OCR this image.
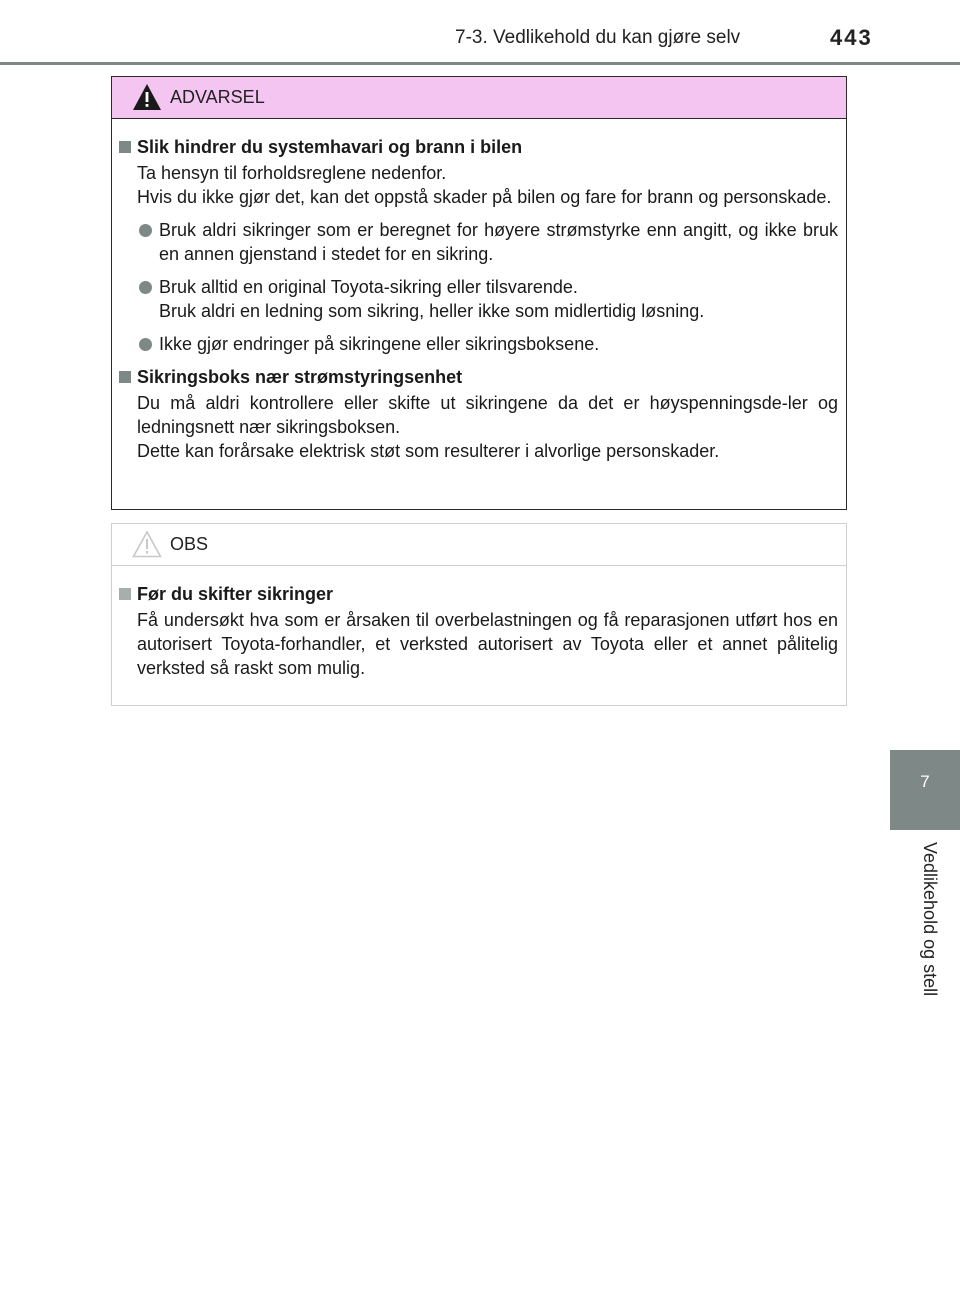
7-3. Vedlikehold du kan gjøre selv	443
7
Vedlikehold og stell
ADVARSEL
Slik hindrer du systemhavari og brann i bilen
Ta hensyn til forholdsreglene nedenfor.
Hvis du ikke gjør det, kan det oppstå skader på bilen og fare for brann og personskade.
Bruk aldri sikringer som er beregnet for høyere strømstyrke enn angitt, og ikke bruk en annen gjenstand i stedet for en sikring.
Bruk alltid en original Toyota-sikring eller tilsvarende.
Bruk aldri en ledning som sikring, heller ikke som midlertidig løsning.
Ikke gjør endringer på sikringene eller sikringsboksene.
Sikringsboks nær strømstyringsenhet
Du må aldri kontrollere eller skifte ut sikringene da det er høyspenningsde-ler og ledningsnett nær sikringsboksen.
Dette kan forårsake elektrisk støt som resulterer i alvorlige personskader.
OBS
Før du skifter sikringer
Få undersøkt hva som er årsaken til overbelastningen og få reparasjonen utført hos en autorisert Toyota-forhandler, et verksted autorisert av Toyota eller et annet pålitelig verksted så raskt som mulig.
